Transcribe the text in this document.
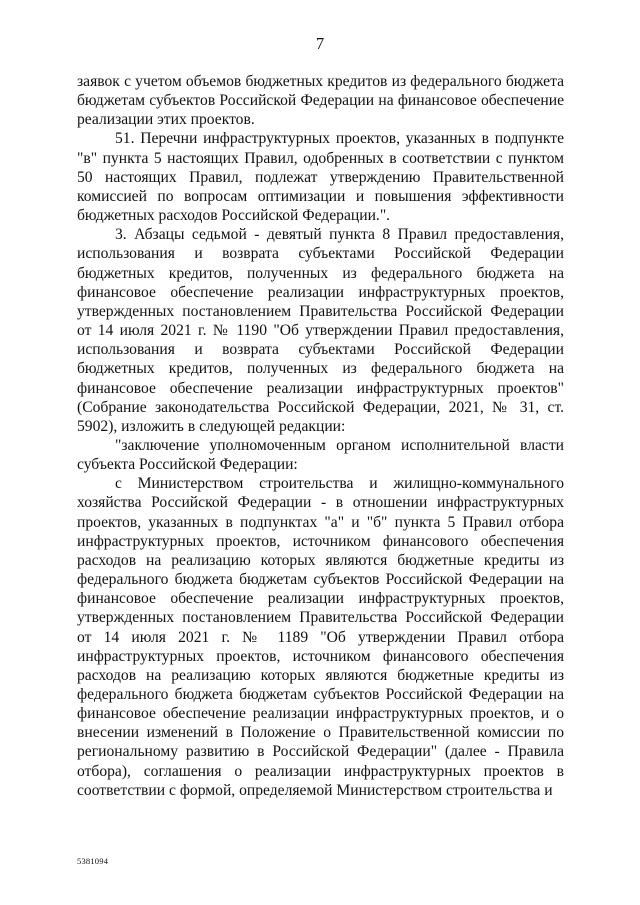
7

заявок с учетом объемов бюджетных кредитов из федерального бюджета бюджетам субъектов Российской Федерации на финансовое обеспечение реализации этих проектов.

51. Перечни инфраструктурных проектов, указанных в подпункте "в" пункта 5 настоящих Правил, одобренных в соответствии с пунктом 50 настоящих Правил, подлежат утверждению Правительственной комиссией по вопросам оптимизации и повышения эффективности бюджетных расходов Российской Федерации.".

3. Абзацы седьмой - девятый пункта 8 Правил предоставления, использования и возврата субъектами Российской Федерации бюджетных кредитов, полученных из федерального бюджета на финансовое обеспечение реализации инфраструктурных проектов, утвержденных постановлением Правительства Российской Федерации от 14 июля 2021 г. № 1190 "Об утверждении Правил предоставления, использования и возврата субъектами Российской Федерации бюджетных кредитов, полученных из федерального бюджета на финансовое обеспечение реализации инфраструктурных проектов" (Собрание законодательства Российской Федерации, 2021, № 31, ст. 5902), изложить в следующей редакции:

"заключение уполномоченным органом исполнительной власти субъекта Российской Федерации:

с Министерством строительства и жилищно-коммунального хозяйства Российской Федерации - в отношении инфраструктурных проектов, указанных в подпунктах "а" и "б" пункта 5 Правил отбора инфраструктурных проектов, источником финансового обеспечения расходов на реализацию которых являются бюджетные кредиты из федерального бюджета бюджетам субъектов Российской Федерации на финансовое обеспечение реализации инфраструктурных проектов, утвержденных постановлением Правительства Российской Федерации от 14 июля 2021 г. № 1189 "Об утверждении Правил отбора инфраструктурных проектов, источником финансового обеспечения расходов на реализацию которых являются бюджетные кредиты из федерального бюджета бюджетам субъектов Российской Федерации на финансовое обеспечение реализации инфраструктурных проектов, и о внесении изменений в Положение о Правительственной комиссии по региональному развитию в Российской Федерации" (далее - Правила отбора), соглашения о реализации инфраструктурных проектов в соответствии с формой, определяемой Министерством строительства и

5381094
